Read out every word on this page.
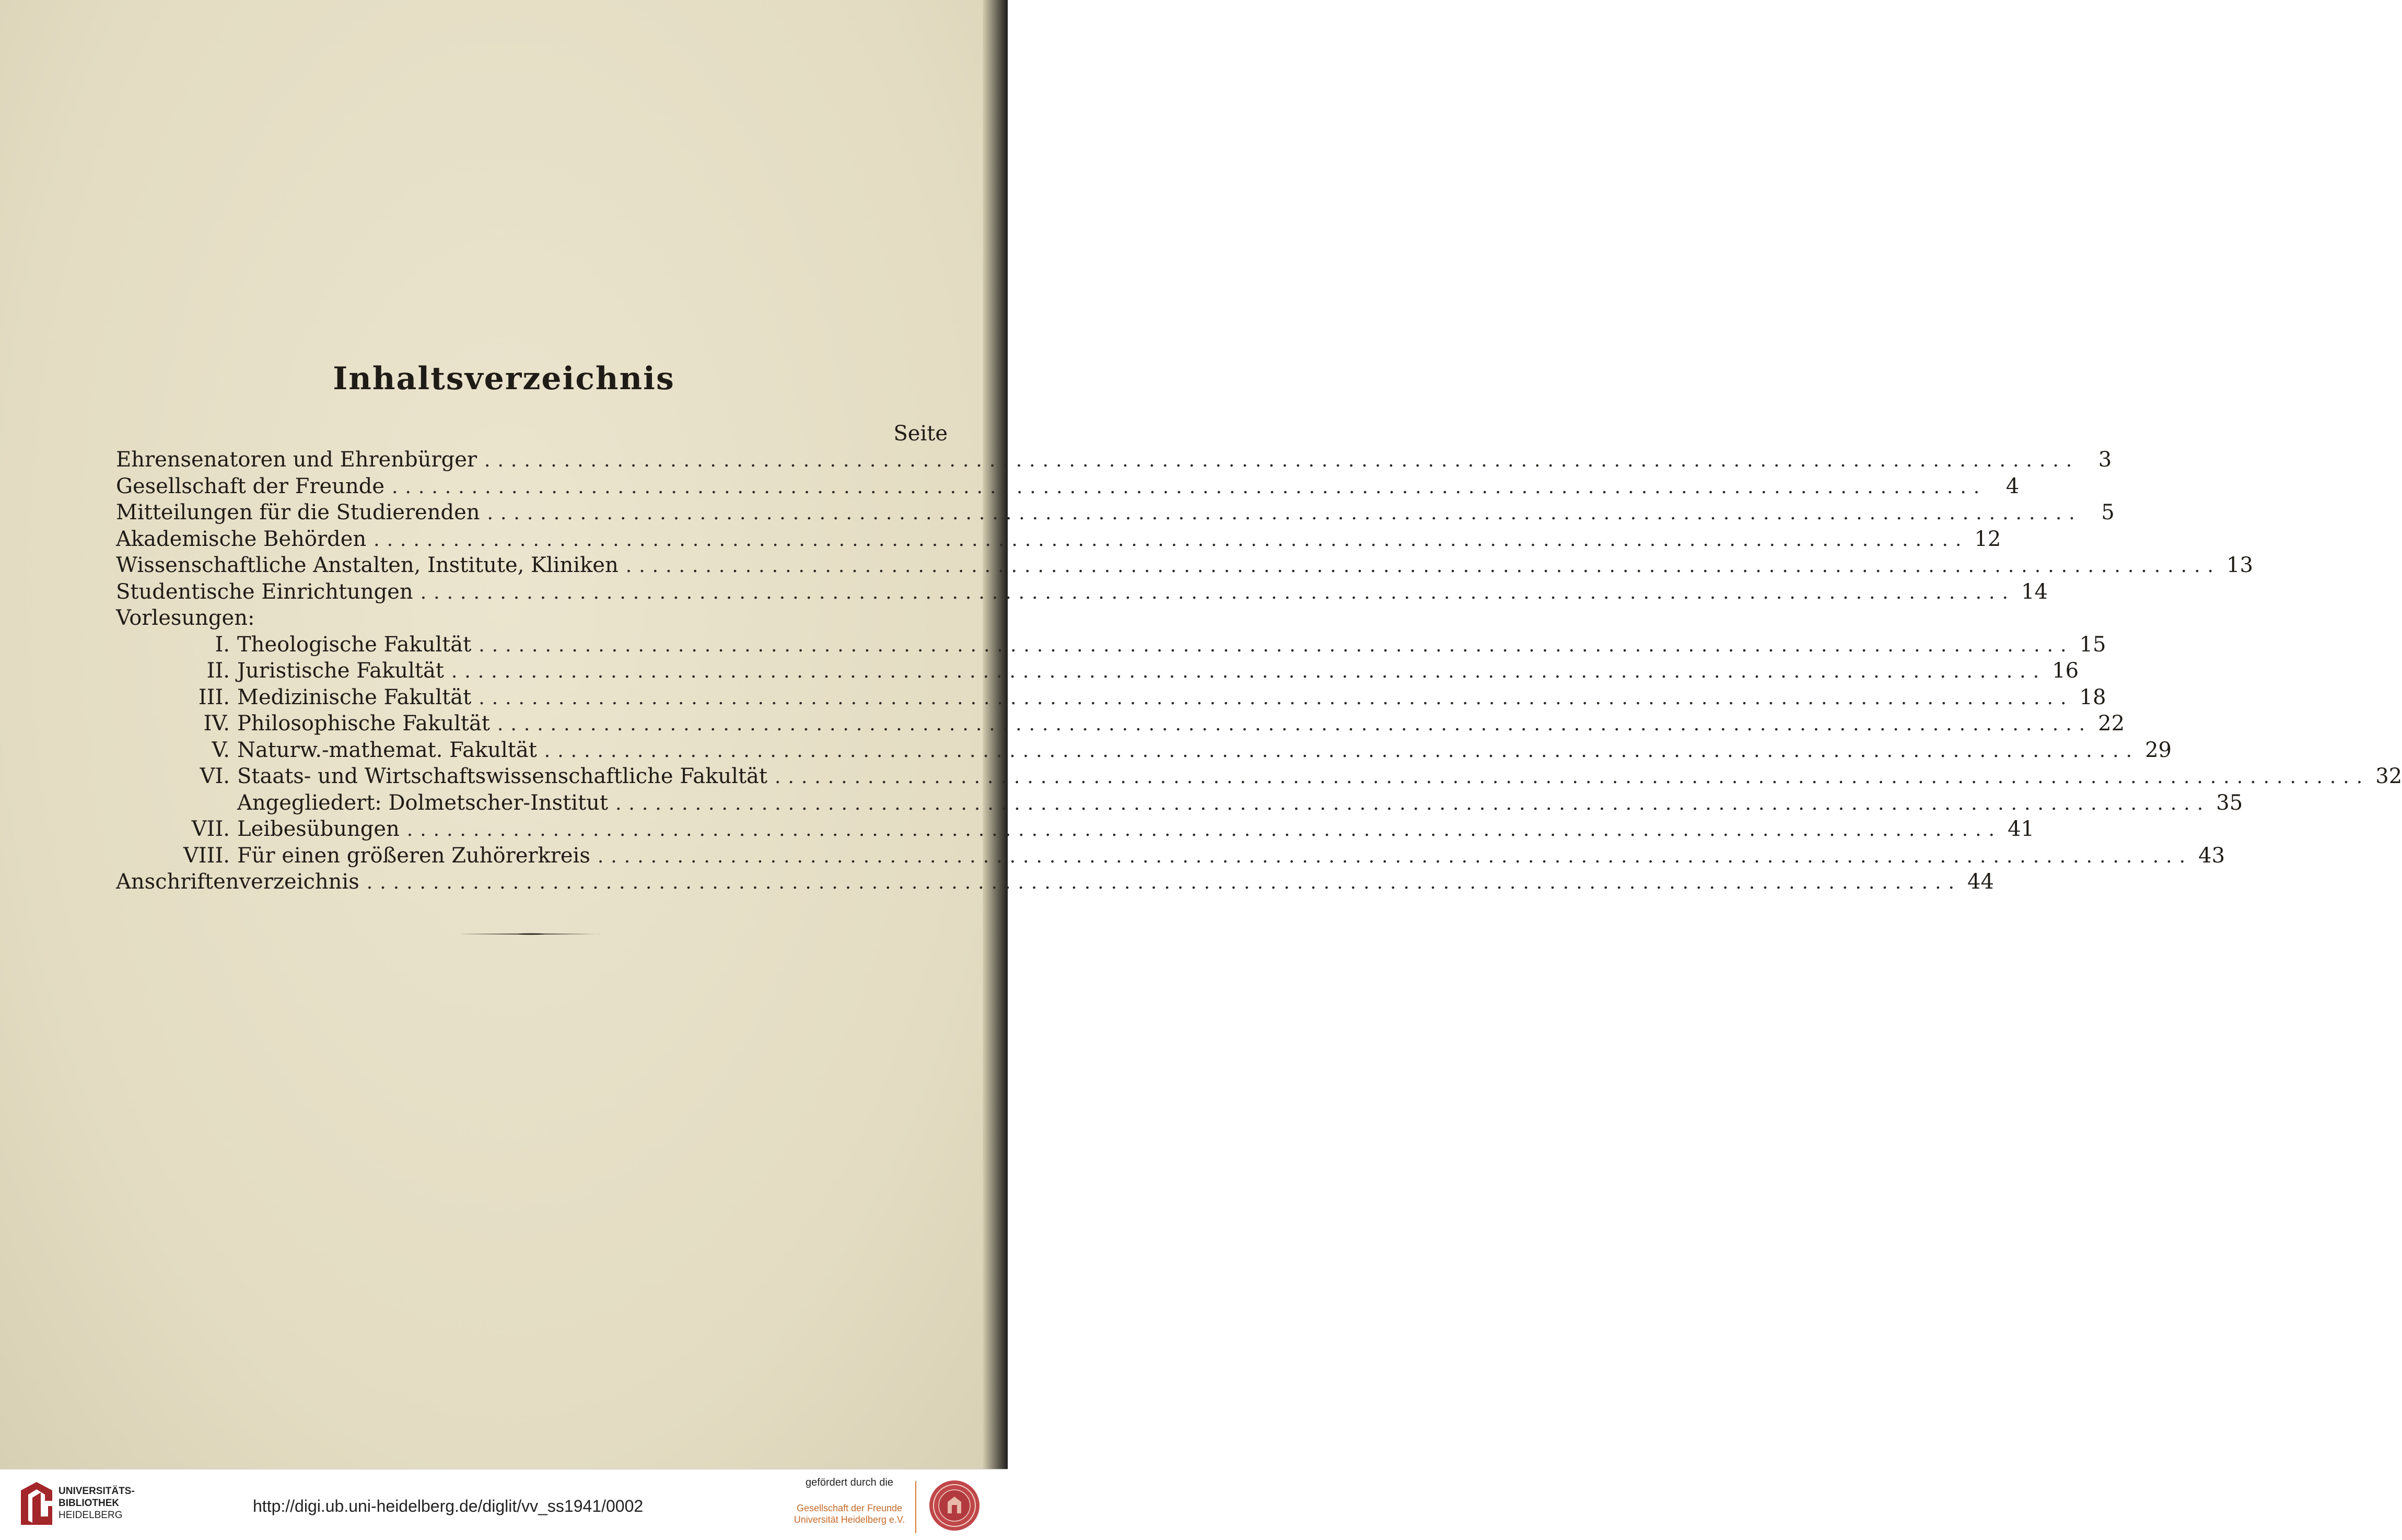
Inhaltsverzeichnis
Seite
Ehrensenatoren und Ehrenbürger ........................................................................................................................ 3
Gesellschaft der Freunde ........................................................................................................................ 4
Mitteilungen für die Studierenden ........................................................................................................................ 5
Akademische Behörden ........................................................................................................................ 12
Wissenschaftliche Anstalten, Institute, Kliniken ........................................................................................................................ 13
Studentische Einrichtungen ........................................................................................................................ 14
Vorlesungen:
I. Theologische Fakultät ........................................................................................................................ 15
II. Juristische Fakultät ........................................................................................................................ 16
III. Medizinische Fakultät ........................................................................................................................ 18
IV. Philosophische Fakultät ........................................................................................................................ 22
V. Naturw.-mathemat. Fakultät ........................................................................................................................ 29
VI. Staats- und Wirtschaftswissenschaftliche Fakultät ........................................................................................................................ 32
Angegliedert: Dolmetscher-Institut ........................................................................................................................ 35
VII. Leibesübungen ........................................................................................................................ 41
VIII. Für einen größeren Zuhörerkreis ........................................................................................................................ 43
Anschriftenverzeichnis ........................................................................................................................ 44
UNIVERSITÄTS-
BIBLIOTHEK
HEIDELBERG	http://digi.ub.uni-heidelberg.de/diglit/vv_ss1941/0002
gefördert durch die
Gesellschaft der Freunde
Universität Heidelberg e.V.
